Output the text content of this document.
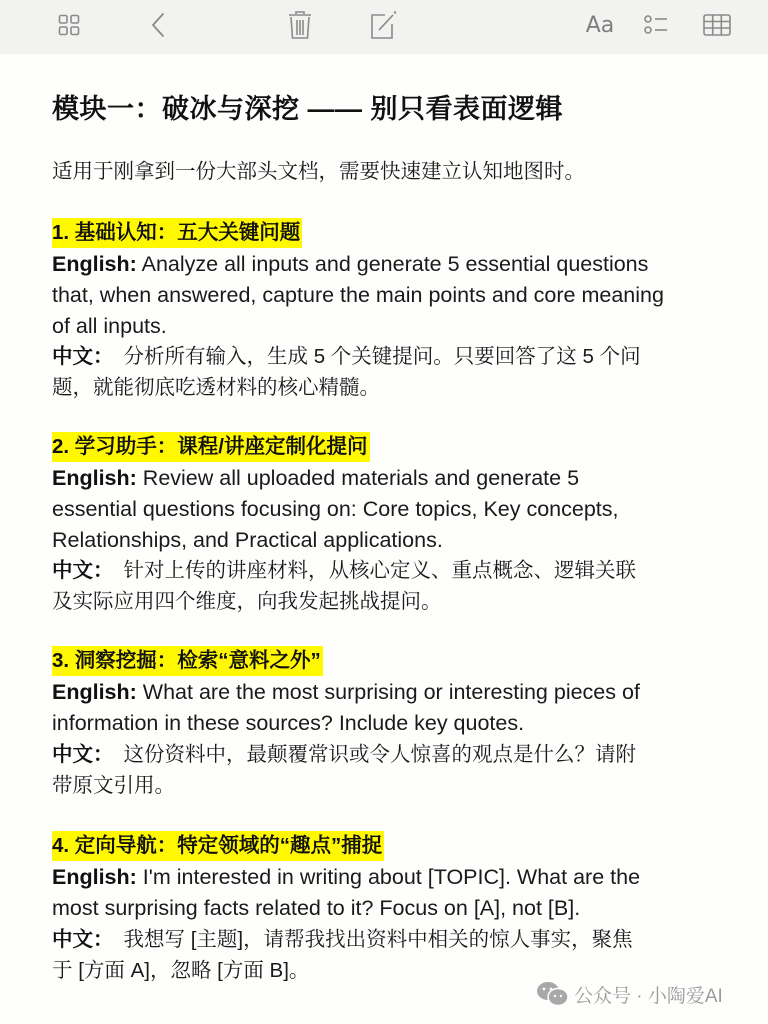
Aa
模块一：破冰与深挖 —— 别只看表面逻辑
适用于刚拿到一份大部头文档，需要快速建立认知地图时。
1. 基础认知：五大关键问题

English: Analyze all inputs and generate 5 essential questions
that, when answered, capture the main points and core meaning
of all inputs.

中文： 分析所有输入，生成 5 个关键提问。只要回答了这 5 个问
题，就能彻底吃透材料的核心精髓。

2. 学习助手：课程/讲座定制化提问

English: Review all uploaded materials and generate 5
essential questions focusing on: Core topics, Key concepts,
Relationships, and Practical applications.

中文： 针对上传的讲座材料，从核心定义、重点概念、逻辑关联
及实际应用四个维度，向我发起挑战提问。

3. 洞察挖掘：检索“意料之外”

English: What are the most surprising or interesting pieces of
information in these sources? Include key quotes.

中文： 这份资料中，最颠覆常识或令人惊喜的观点是什么？请附
带原文引用。

4. 定向导航：特定领域的“趣点”捕捉

English: I'm interested in writing about [TOPIC]. What are the
most surprising facts related to it? Focus on [A], not [B].

中文： 我想写 [主题]，请帮我找出资料中相关的惊人事实，聚焦
于 [方面 A]，忽略 [方面 B]。

公众号 · 小陶爱AI
